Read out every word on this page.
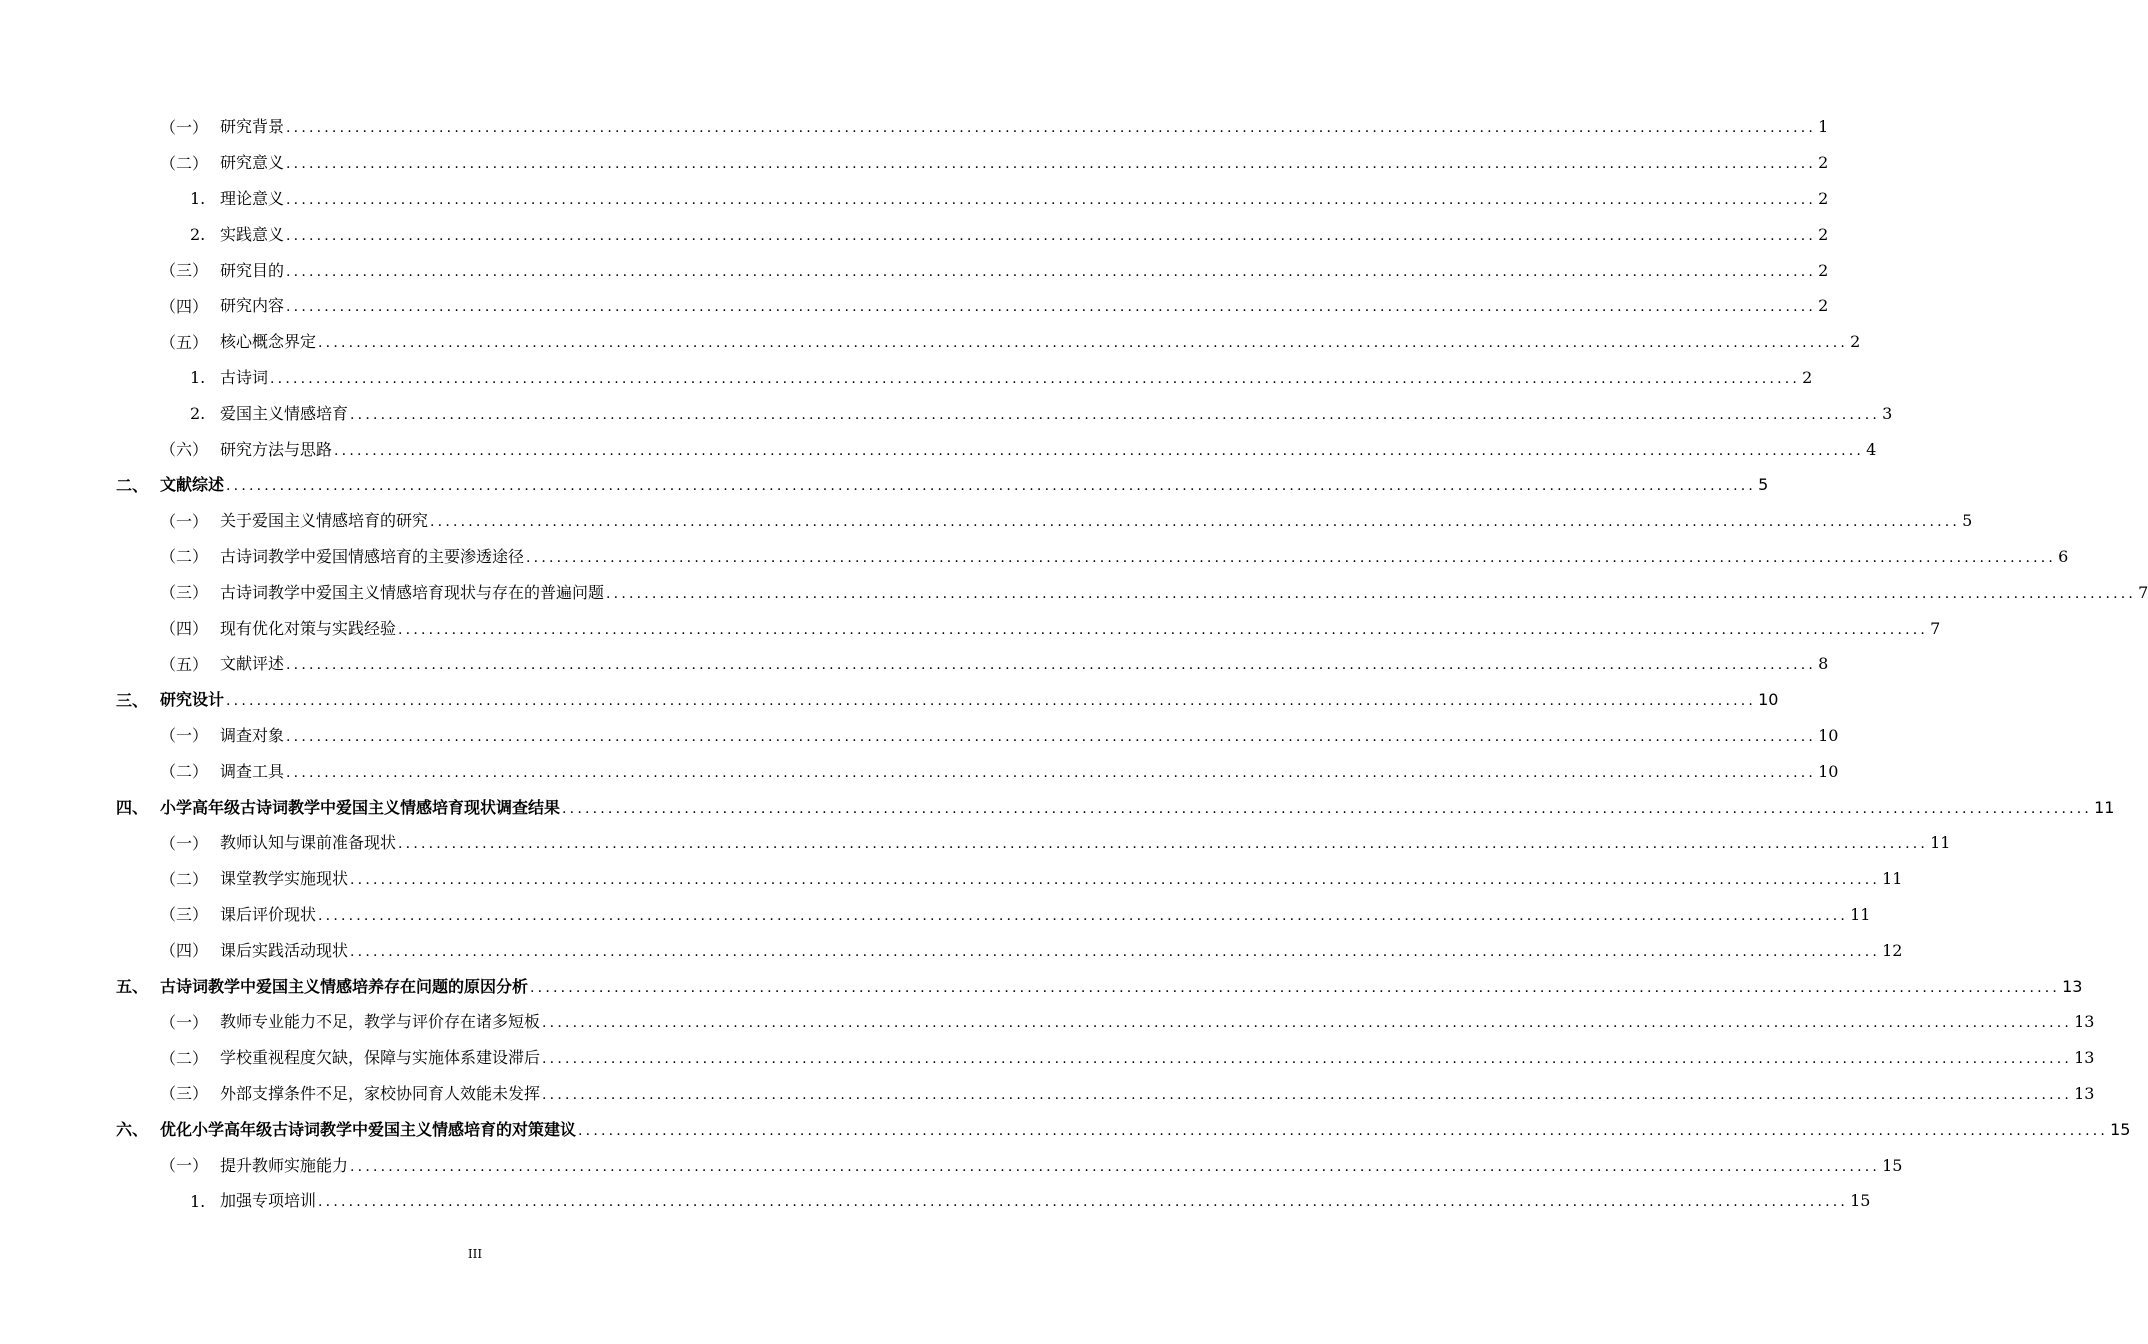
（一） 研究背景 ........................................................................................................................................................................................................ 1
（二） 研究意义 ........................................................................................................................................................................................................ 2
1. 理论意义 ........................................................................................................................................................................................................ 2
2. 实践意义 ........................................................................................................................................................................................................ 2
（三） 研究目的 ........................................................................................................................................................................................................ 2
（四） 研究内容 ........................................................................................................................................................................................................ 2
（五） 核心概念界定 ........................................................................................................................................................................................................ 2
1. 古诗词 ........................................................................................................................................................................................................ 2
2. 爱国主义情感培育 ........................................................................................................................................................................................................ 3
（六） 研究方法与思路 ........................................................................................................................................................................................................ 4
二、 文献综述 ........................................................................................................................................................................................................ 5
（一） 关于爱国主义情感培育的研究 ........................................................................................................................................................................................................ 5
（二） 古诗词教学中爱国情感培育的主要渗透途径 ........................................................................................................................................................................................................ 6
（三） 古诗词教学中爱国主义情感培育现状与存在的普遍问题 ........................................................................................................................................................................................................ 7
（四） 现有优化对策与实践经验 ........................................................................................................................................................................................................ 7
（五） 文献评述 ........................................................................................................................................................................................................ 8
三、 研究设计 ........................................................................................................................................................................................................ 10
（一） 调查对象 ........................................................................................................................................................................................................ 10
（二） 调查工具 ........................................................................................................................................................................................................ 10
四、 小学高年级古诗词教学中爱国主义情感培育现状调查结果 ........................................................................................................................................................................................................ 11
（一） 教师认知与课前准备现状 ........................................................................................................................................................................................................ 11
（二） 课堂教学实施现状 ........................................................................................................................................................................................................ 11
（三） 课后评价现状 ........................................................................................................................................................................................................ 11
（四） 课后实践活动现状 ........................................................................................................................................................................................................ 12
五、 古诗词教学中爱国主义情感培养存在问题的原因分析 ........................................................................................................................................................................................................ 13
（一） 教师专业能力不足，教学与评价存在诸多短板 ........................................................................................................................................................................................................ 13
（二） 学校重视程度欠缺，保障与实施体系建设滞后 ........................................................................................................................................................................................................ 13
（三） 外部支撑条件不足，家校协同育人效能未发挥 ........................................................................................................................................................................................................ 13
六、 优化小学高年级古诗词教学中爱国主义情感培育的对策建议 ........................................................................................................................................................................................................ 15
（一） 提升教师实施能力 ........................................................................................................................................................................................................ 15
1. 加强专项培训 ........................................................................................................................................................................................................ 15
III
